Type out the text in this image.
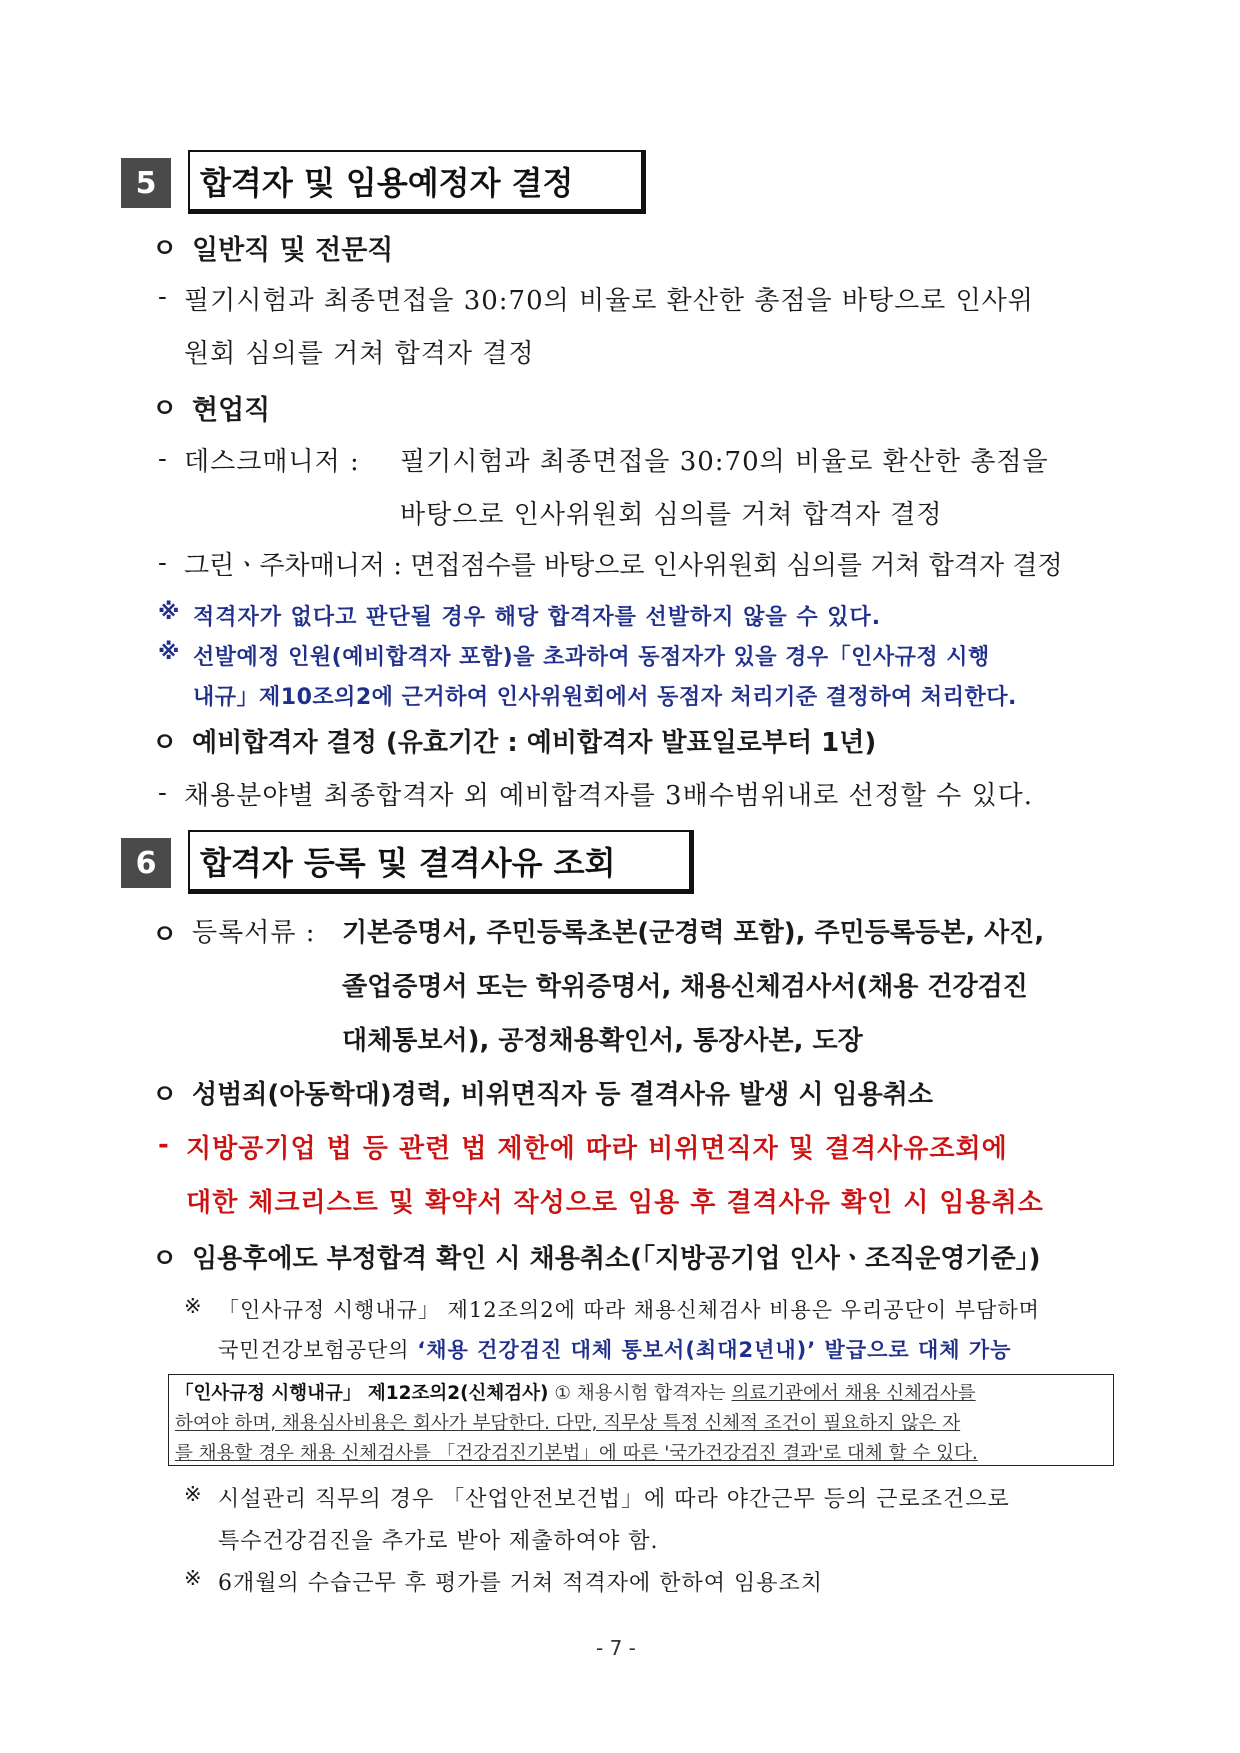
5	합격자 및 임용예정자 결정
ㅇ 일반직 및 전문직
- 필기시험과 최종면접을 30:70의 비율로 환산한 총점을 바탕으로 인사위
원회 심의를 거쳐 합격자 결정
ㅇ 현업직
- 데스크매니저 : 필기시험과 최종면접을 30:70의 비율로 환산한 총점을
바탕으로 인사위원회 심의를 거쳐 합격자 결정
- 그린ㆍ주차매니저 : 면접점수를 바탕으로 인사위원회 심의를 거쳐 합격자 결정
※ 적격자가 없다고 판단될 경우 해당 합격자를 선발하지 않을 수 있다.
※ 선발예정 인원(예비합격자 포함)을 초과하여 동점자가 있을 경우「인사규정 시행
내규」제10조의2에 근거하여 인사위원회에서 동점자 처리기준 결정하여 처리한다.
ㅇ 예비합격자 결정 (유효기간 : 예비합격자 발표일로부터 1년)
- 채용분야별 최종합격자 외 예비합격자를 3배수범위내로 선정할 수 있다.
6	합격자 등록 및 결격사유 조회
ㅇ 등록서류 : 기본증명서, 주민등록초본(군경력 포함), 주민등록등본, 사진,
졸업증명서 또는 학위증명서, 채용신체검사서(채용 건강검진
대체통보서), 공정채용확인서, 통장사본, 도장
ㅇ 성범죄(아동학대)경력, 비위면직자 등 결격사유 발생 시 임용취소
- 지방공기업 법 등 관련 법 제한에 따라 비위면직자 및 결격사유조회에
대한 체크리스트 및 확약서 작성으로 임용 후 결격사유 확인 시 임용취소
ㅇ 임용후에도 부정합격 확인 시 채용취소(「지방공기업 인사ㆍ조직운영기준」)
※ 「인사규정 시행내규」 제12조의2에 따라 채용신체검사 비용은 우리공단이 부담하며
국민건강보험공단의 ‘채용 건강검진 대체 통보서(최대2년내)’ 발급으로 대체 가능
「인사규정 시행내규」 제12조의2(신체검사) ① 채용시험 합격자는 의료기관에서 채용 신체검사를
하여야 하며, 채용심사비용은 회사가 부담한다. 다만, 직무상 특정 신체적 조건이 필요하지 않은 자
를 채용할 경우 채용 신체검사를 「건강검진기본법」에 따른 '국가건강검진 결과'로 대체 할 수 있다.
※ 시설관리 직무의 경우 「산업안전보건법」에 따라 야간근무 등의 근로조건으로
특수건강검진을 추가로 받아 제출하여야 함.
※ 6개월의 수습근무 후 평가를 거쳐 적격자에 한하여 임용조치
- 7 -
